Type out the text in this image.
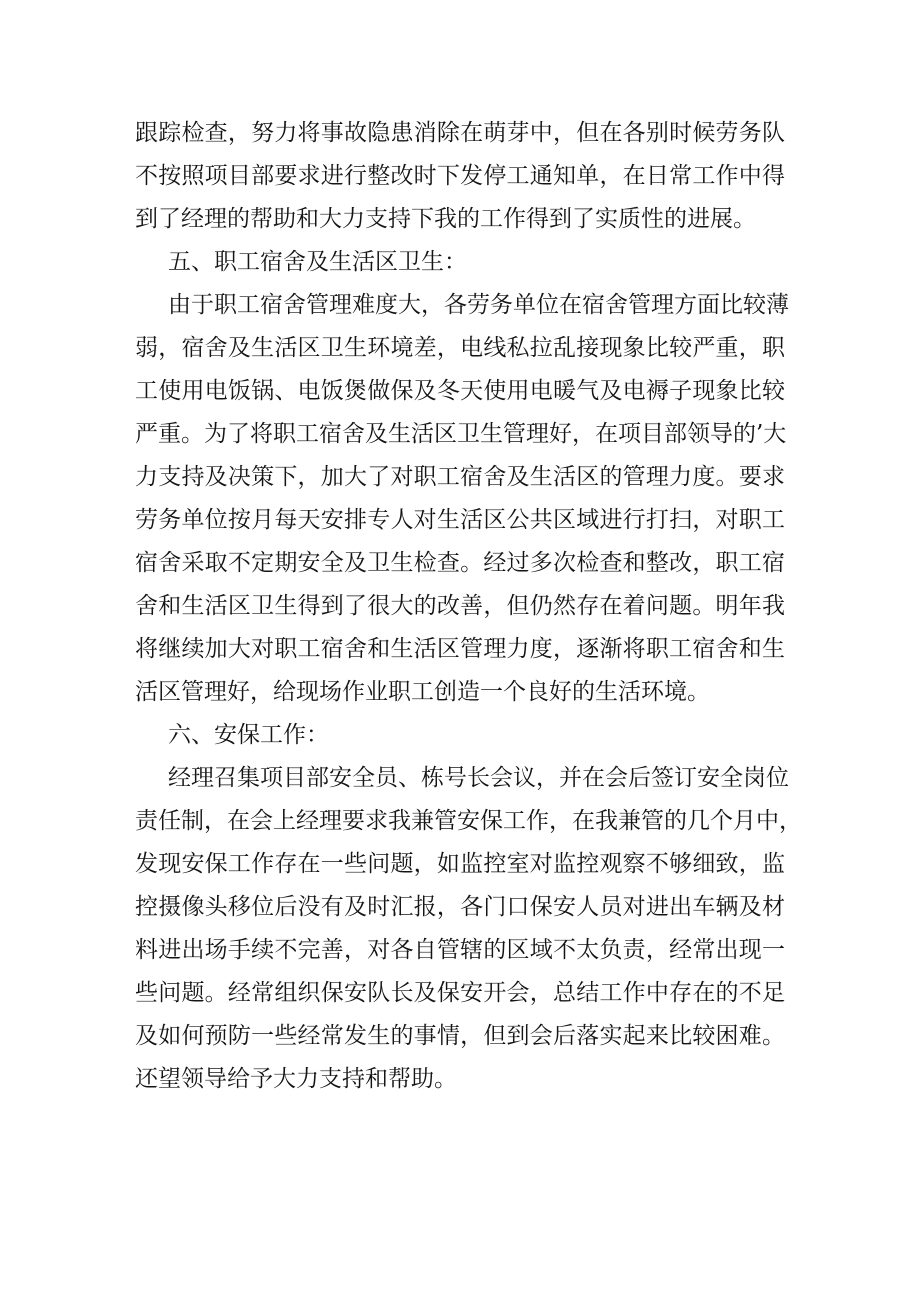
跟踪检查，努力将事故隐患消除在萌芽中，但在各别时候劳务队
不按照项目部要求进行整改时下发停工通知单，在日常工作中得
到了经理的帮助和大力支持下我的工作得到了实质性的进展。
五、职工宿舍及生活区卫生：
由于职工宿舍管理难度大，各劳务单位在宿舍管理方面比较薄
弱，宿舍及生活区卫生环境差，电线私拉乱接现象比较严重，职
工使用电饭锅、电饭煲做保及冬天使用电暖气及电褥子现象比较
严重。为了将职工宿舍及生活区卫生管理好，在项目部领导的’大
力支持及决策下，加大了对职工宿舍及生活区的管理力度。要求
劳务单位按月每天安排专人对生活区公共区域进行打扫，对职工
宿舍采取不定期安全及卫生检查。经过多次检查和整改，职工宿
舍和生活区卫生得到了很大的改善，但仍然存在着问题。明年我
将继续加大对职工宿舍和生活区管理力度，逐渐将职工宿舍和生
活区管理好，给现场作业职工创造一个良好的生活环境。
六、安保工作：
经理召集项目部安全员、栋号长会议，并在会后签订安全岗位
责任制，在会上经理要求我兼管安保工作，在我兼管的几个月中，
发现安保工作存在一些问题，如监控室对监控观察不够细致，监
控摄像头移位后没有及时汇报，各门口保安人员对进出车辆及材
料进出场手续不完善，对各自管辖的区域不太负责，经常出现一
些问题。经常组织保安队长及保安开会，总结工作中存在的不足
及如何预防一些经常发生的事情，但到会后落实起来比较困难。
还望领导给予大力支持和帮助。
